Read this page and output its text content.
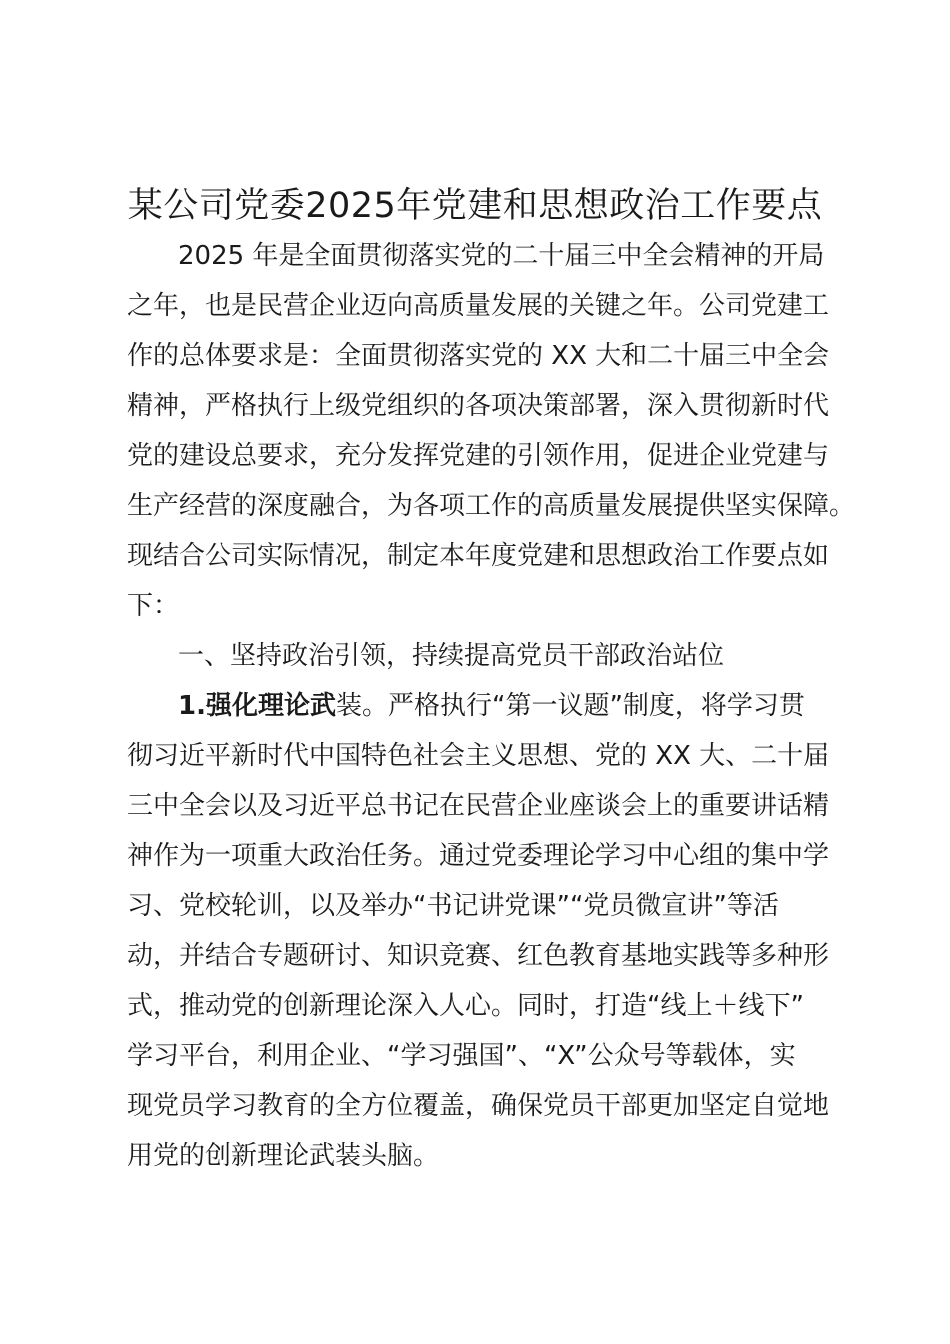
某公司党委2025年党建和思想政治工作要点
2025 年是全面贯彻落实党的二十届三中全会精神的开局
之年，也是民营企业迈向高质量发展的关键之年。公司党建工
作的总体要求是：全面贯彻落实党的 XX 大和二十届三中全会
精神，严格执行上级党组织的各项决策部署，深入贯彻新时代
党的建设总要求，充分发挥党建的引领作用，促进企业党建与
生产经营的深度融合，为各项工作的高质量发展提供坚实保障。
现结合公司实际情况，制定本年度党建和思想政治工作要点如
下：
一、坚持政治引领，持续提高党员干部政治站位
1.强化理论武装。严格执行“第一议题”制度，将学习贯
彻习近平新时代中国特色社会主义思想、党的 XX 大、二十届
三中全会以及习近平总书记在民营企业座谈会上的重要讲话精
神作为一项重大政治任务。通过党委理论学习中心组的集中学
习、党校轮训，以及举办“书记讲党课”“党员微宣讲”等活
动，并结合专题研讨、知识竞赛、红色教育基地实践等多种形
式，推动党的创新理论深入人心。同时，打造“线上＋线下”
学习平台，利用企业、“学习强国”、“X”公众号等载体，实
现党员学习教育的全方位覆盖，确保党员干部更加坚定自觉地
用党的创新理论武装头脑。
